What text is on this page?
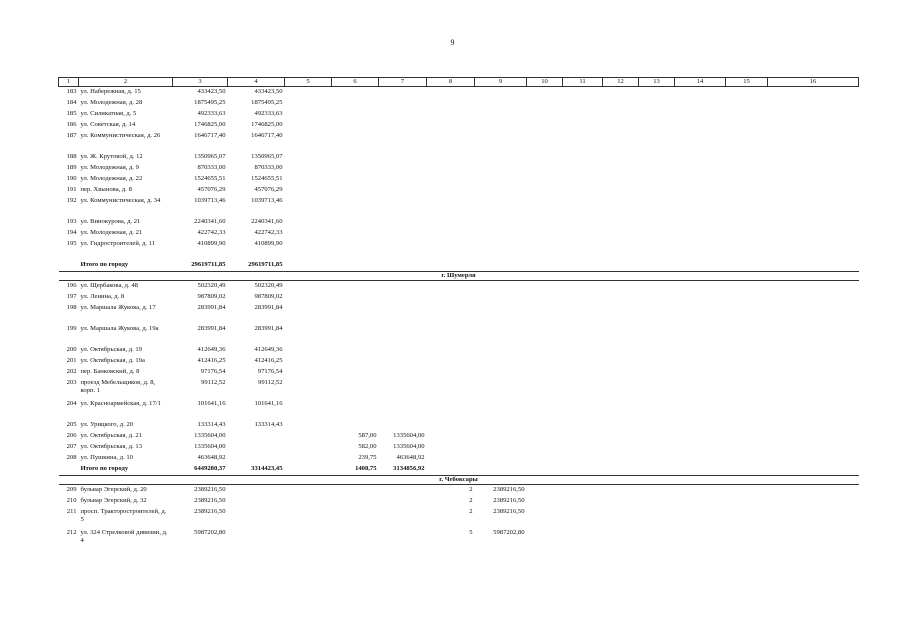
9
1	2	3	4	5	6	7	8	9	10	11	12	13	14	15	16
183	ул. Набережная, д. 15	433423,50	433423,50												
184	ул. Молодежная, д. 28	1875495,25	1875495,25												
185	ул. Силикатная, д. 5	492333,63	492333,63												
186	ул. Советская, д. 14	1746825,00	1746825,00												
187	ул. Коммунистическая, д. 26	1646717,40	1646717,40												
188	ул. Ж. Крутовой, д. 12	1350965,07	1350965,07												
189	ул. Молодежная, д. 9	870333,00	870333,00												
190	ул. Молодежная, д. 22	1524655,51	1524655,51												
191	пер. Хвынова, д. 8	457076,29	457076,29												
192	ул. Коммунистическая, д. 34	1039713,46	1039713,46												
193	ул. Винокурова, д. 21	2240341,60	2240341,60												
194	ул. Молодежная, д. 21	422742,33	422742,33												
195	ул. Гидростроителей, д. 11	410899,90	410899,90												
	Итого по городу	29619711,85	29619711,85												
г. Шумерля															
196	ул. Щербакова, д. 48	502320,49	502320,49												
197	ул. Ленина, д. 8	987809,02	987809,02												
198	ул. Маршала Жукова, д. 17	283991,84	283991,84												
199	ул. Маршала Жукова, д. 19а	283991,84	283991,84												
200	ул. Октябрьская, д. 19	412649,36	412649,36												
201	ул. Октябрьская, д. 19а	412416,25	412416,25												
202	пер. Банковский, д. 8	97176,54	97176,54												
203	проезд Мебельщиков, д. 8, корп. 1	99112,52	99112,52												
204	ул. Красноармейская, д. 17/1	101641,16	101641,16												
205	ул. Урицкого, д. 20	133314,43	133314,43												
206	ул. Октябрьская, д. 21	1335604,00			587,00	1335604,00									
207	ул. Октябрьская, д. 13	1335604,00			582,00	1335604,00									
208	ул. Пушкина, д. 10	463648,92			239,75	463648,92									
	Итого по городу	6449280,37	3314423,45		1408,75	3134856,92									
г. Чебоксары															
209	бульвар Эгерский, д. 20	2389216,50					2	2389216,50							
210	бульвар Эгерский, д. 32	2389216,50					2	2389216,50							
211	просп. Тракторостроителей, д. 5	2389216,50					2	2389216,50							
212	ул. 324 Стрелковой дивизии, д. 4	5987202,80					5	5987202,80							
